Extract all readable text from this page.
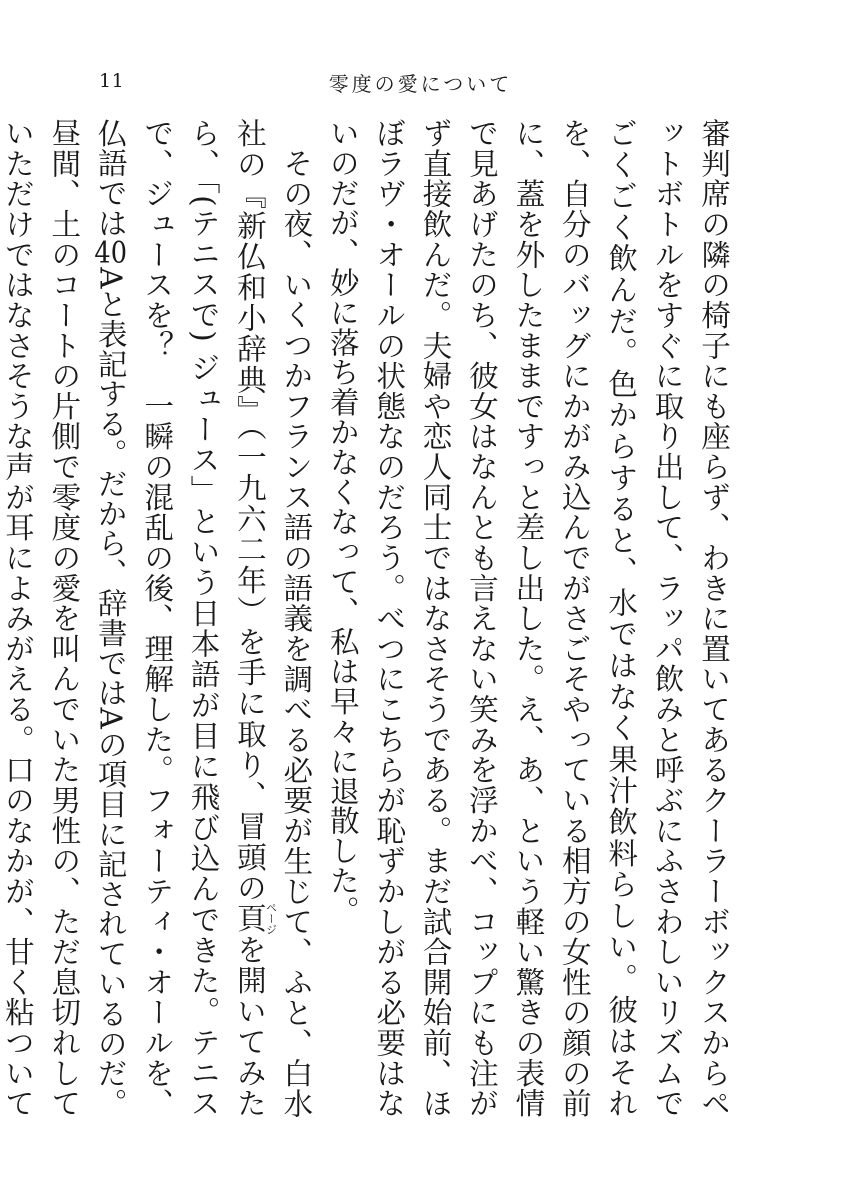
11	零度の愛について

審判席の隣の椅子にも座らず、わきに置いてあるクーラーボックスからペットボトルをすぐに取り出して、ラッパ飲みと呼ぶにふさわしいリズムでごくごく飲んだ。色からすると、水ではなく果汁飲料らしい。彼はそれを、自分のバッグにかがみ込んでがさごそやっている相方の女性の顔の前に、蓋を外したままですっと差し出した。え、あ、という軽い驚きの表情で見あげたのち、彼女はなんとも言えない笑みを浮かべ、コップにも注がず直接飲んだ。夫婦や恋人同士ではなさそうである。まだ試合開始前、ほぼラヴ・オールの状態なのだろう。べつにこちらが恥ずかしがる必要はないのだが、妙に落ち着かなくなって、私は早々に退散した。

その夜、いくつかフランス語の語義を調べる必要が生じて、ふと、白水社の『新仏和小辞典』（一九六二年）を手に取り、冒頭の頁ページを開いてみたら、「(テニスで) ジュース」という日本語が目に飛び込んできた。テニスで、ジュースを？　一瞬の混乱の後、理解した。フォーティ・オールを、仏語では40Aと表記する。だから、辞書ではAの項目に記されているのだ。昼間、土のコートの片側で零度の愛を叫んでいた男性の、ただ息切れしていただけではなさそうな声が耳によみがえる。口のなかが、甘く粘ついて
